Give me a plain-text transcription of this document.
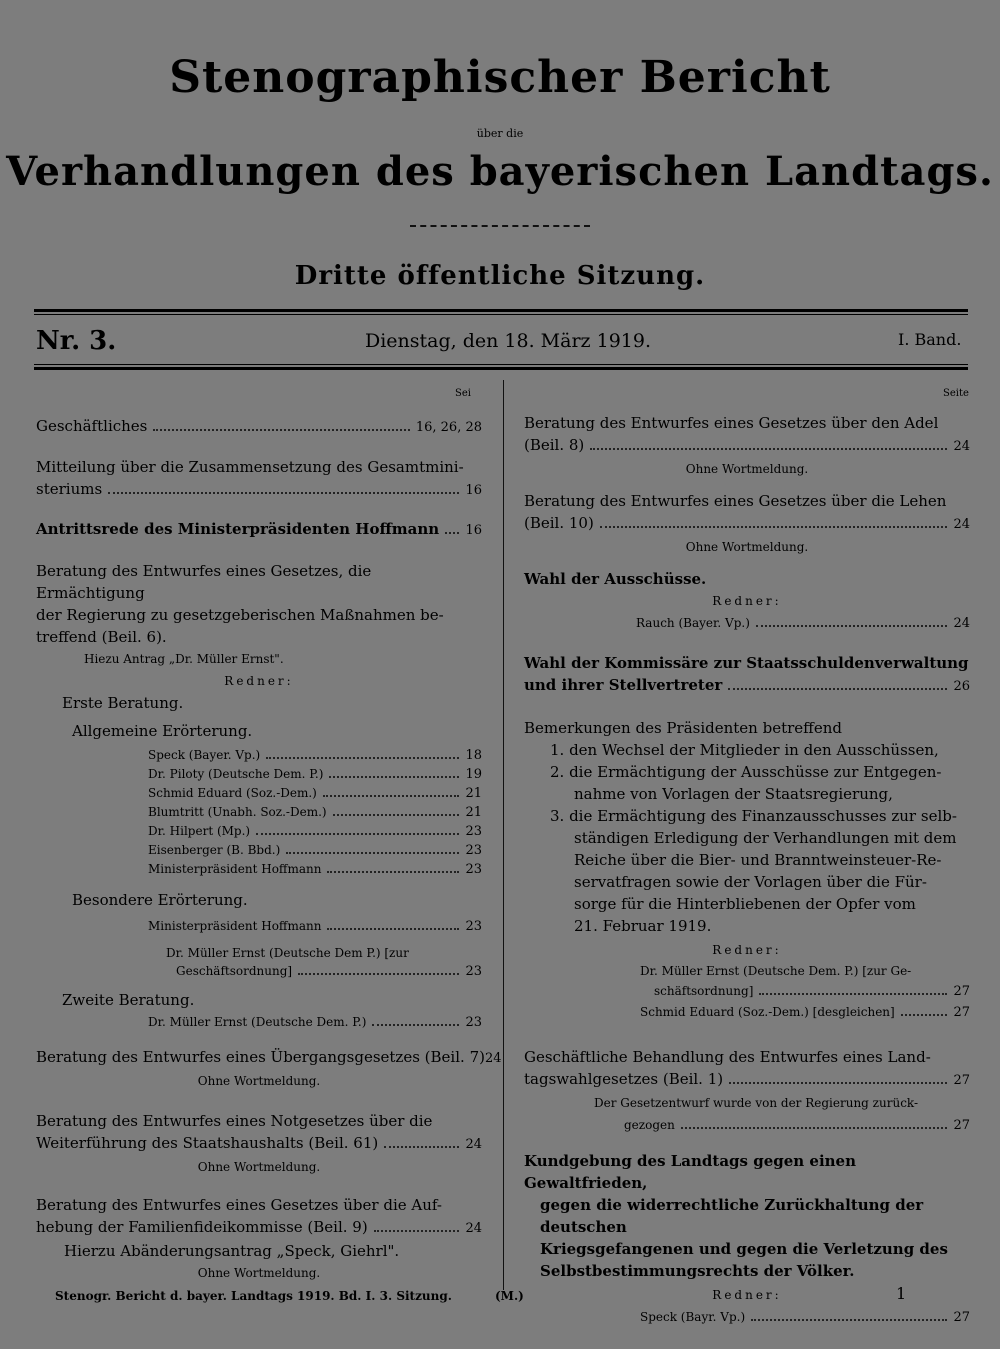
Stenographischer Bericht
über die
Verhandlungen des bayerischen Landtags.
Dritte öffentliche Sitzung.
Nr. 3.	Dienstag, den 18. März 1919.	I. Band.
Sei	Seite
Geschäftliches	16, 26, 28
Mitteilung über die Zusammensetzung des Gesamtmini-
steriums	16
Antrittsrede des Ministerpräsidenten Hoffmann 16
Beratung des Entwurfes eines Gesetzes, die Ermächtigung
der Regierung zu gesetzgeberischen Maßnahmen be-
treffend (Beil. 6).
Hiezu Antrag „Dr. Müller Ernst".
Redner:
Erste Beratung.
Allgemeine Erörterung.
Speck (Bayer. Vp.)	18
Dr. Piloty (Deutsche Dem. P.)	19
Schmid Eduard (Soz.-Dem.)	21
Blumtritt (Unabh. Soz.-Dem.)	21
Dr. Hilpert (Mp.)	23
Eisenberger (B. Bbd.)	23
Ministerpräsident Hoffmann	23
Besondere Erörterung.
Ministerpräsident Hoffmann	23
Dr. Müller Ernst (Deutsche Dem P.) [zur
Geschäftsordnung]	23
Zweite Beratung.
Dr. Müller Ernst (Deutsche Dem. P.)	23
Beratung des Entwurfes eines Übergangsgesetzes (Beil. 7) 24
Ohne Wortmeldung.
Beratung des Entwurfes eines Notgesetzes über die
Weiterführung des Staatshaushalts (Beil. 61)	24
Ohne Wortmeldung.
Beratung des Entwurfes eines Gesetzes über die Auf-
hebung der Familienfideikommisse (Beil. 9)	24
Hierzu Abänderungsantrag „Speck, Giehrl".
Ohne Wortmeldung.
Beratung des Entwurfes eines Gesetzes über den Adel
(Beil. 8)	24
Ohne Wortmeldung.
Beratung des Entwurfes eines Gesetzes über die Lehen
(Beil. 10)	24
Ohne Wortmeldung.
Wahl der Ausschüsse.
Redner:
Rauch (Bayer. Vp.)	24
Wahl der Kommissäre zur Staatsschuldenverwaltung
und ihrer Stellvertreter	26
Bemerkungen des Präsidenten betreffend
1. den Wechsel der Mitglieder in den Ausschüssen,
2. die Ermächtigung der Ausschüsse zur Entgegen-
nahme von Vorlagen der Staatsregierung,
3. die Ermächtigung des Finanzausschusses zur selb-
ständigen Erledigung der Verhandlungen mit dem
Reiche über die Bier- und Branntweinsteuer-Re-
servatfragen sowie der Vorlagen über die Für-
sorge für die Hinterbliebenen der Opfer vom
21. Februar 1919.
Redner:
Dr. Müller Ernst (Deutsche Dem. P.) [zur Ge-
schäftsordnung]	27
Schmid Eduard (Soz.-Dem.) [desgleichen]	27
Geschäftliche Behandlung des Entwurfes eines Land-
tagswahlgesetzes (Beil. 1)	27
Der Gesetzentwurf wurde von der Regierung zurück-
gezogen	27
Kundgebung des Landtags gegen einen Gewaltfrieden,
gegen die widerrechtliche Zurückhaltung der deutschen
Kriegsgefangenen und gegen die Verletzung des
Selbstbestimmungsrechts der Völker.
Redner:
Speck (Bayr. Vp.)	27
Stenogr. Bericht d. bayer. Landtags 1919. Bd. I. 3. Sitzung.	(M.)	1
